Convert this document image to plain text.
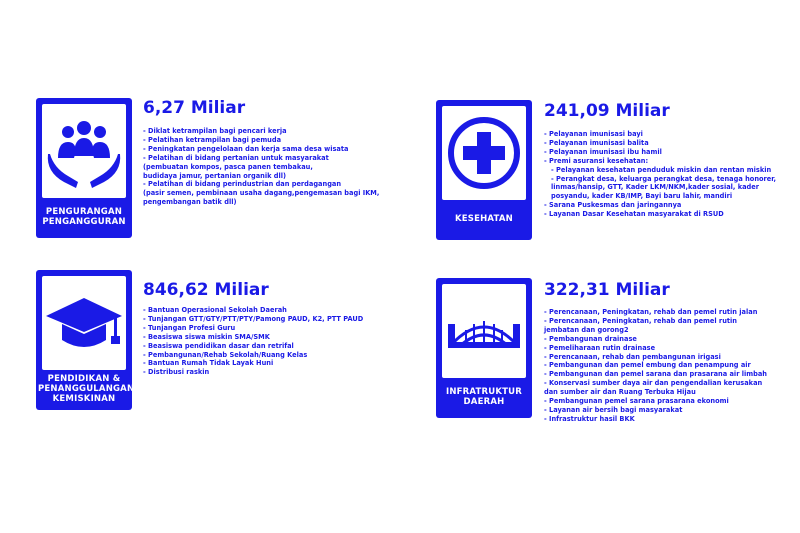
PENGURANGAN
PENGANGGURAN
6,27 Miliar
- Diklat ketrampilan bagi pencari kerja
- Pelatihan ketrampilan bagi pemuda
- Peningkatan pengelolaan dan kerja sama desa wisata
- Pelatihan di bidang pertanian untuk masyarakat
(pembuatan kompos, pasca panen tembakau,
budidaya jamur, pertanian organik dll)
- Pelatihan di bidang perindustrian dan perdagangan
(pasir semen, pembinaan usaha dagang,pengemasan bagi IKM,
pengembangan batik dll)
KESEHATAN
241,09 Miliar
- Pelayanan imunisasi bayi
- Pelayanan imunisasi balita
- Pelayanan imunisasi ibu hamil
- Premi asuransi kesehatan:
- Pelayanan kesehatan penduduk miskin dan rentan miskin
- Perangkat desa, keluarga perangkat desa, tenaga honorer,
linmas/hansip, GTT, Kader LKM/NKM,kader sosial, kader
posyandu, kader KB/IMP, Bayi baru lahir, mandiri
- Sarana Puskesmas dan jaringannya
- Layanan Dasar Kesehatan masyarakat di RSUD
PENDIDIKAN &
PENANGGULANGAN
KEMISKINAN
846,62 Miliar
- Bantuan Operasional Sekolah Daerah
- Tunjangan GTT/GTY/PTT/PTY/Pamong PAUD, K2, PTT PAUD
- Tunjangan Profesi Guru
- Beasiswa siswa miskin SMA/SMK
- Beasiswa pendidikan dasar dan retrifal
- Pembangunan/Rehab Sekolah/Ruang Kelas
- Bantuan Rumah Tidak Layak Huni
- Distribusi raskin
INFRATRUKTUR
DAERAH
322,31 Miliar
- Perencanaan, Peningkatan, rehab dan pemel rutin jalan
- Perencanaan, Peningkatan, rehab dan pemel rutin
jembatan dan gorong2
- Pembangunan drainase
- Pemeliharaan rutin drainase
- Perencanaan, rehab dan pembangunan irigasi
- Pembangunan dan pemel embung dan penampung air
- Pembangunan dan pemel sarana dan prasarana air limbah
- Konservasi sumber daya air dan pengendalian kerusakan
dan sumber air dan Ruang Terbuka Hijau
- Pembangunan pemel sarana prasarana ekonomi
- Layanan air bersih bagi masyarakat
- Infrastruktur hasil BKK
